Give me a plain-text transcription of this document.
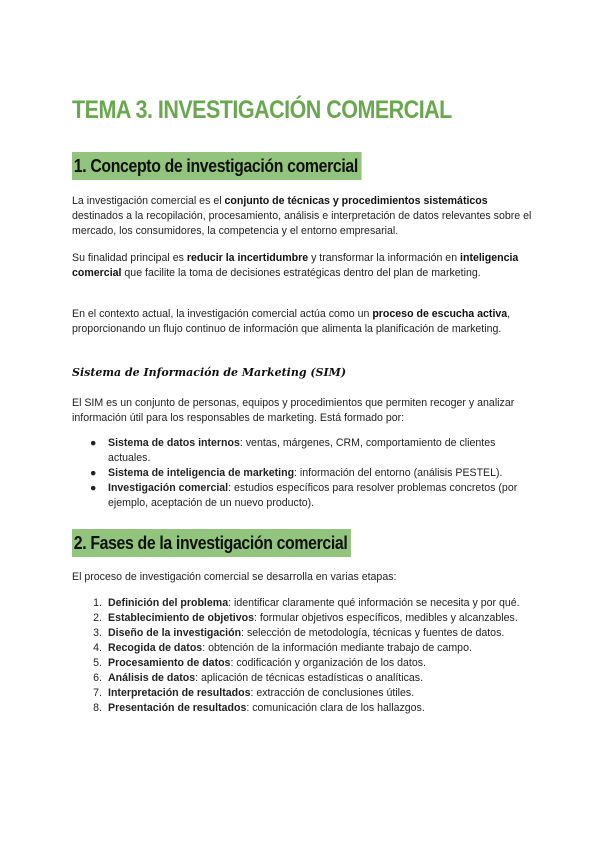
TEMA 3. INVESTIGACIÓN COMERCIAL
1. Concepto de investigación comercial

La investigación comercial es el conjunto de técnicas y procedimientos sistemáticos destinados a la recopilación, procesamiento, análisis e interpretación de datos relevantes sobre el mercado, los consumidores, la competencia y el entorno empresarial.

Su finalidad principal es reducir la incertidumbre y transformar la información en inteligencia comercial que facilite la toma de decisiones estratégicas dentro del plan de marketing.

En el contexto actual, la investigación comercial actúa como un proceso de escucha activa, proporcionando un flujo continuo de información que alimenta la planificación de marketing.

Sistema de Información de Marketing (SIM)

El SIM es un conjunto de personas, equipos y procedimientos que permiten recoger y analizar información útil para los responsables de marketing. Está formado por:

● Sistema de datos internos: ventas, márgenes, CRM, comportamiento de clientes actuales.
● Sistema de inteligencia de marketing: información del entorno (análisis PESTEL).
● Investigación comercial: estudios específicos para resolver problemas concretos (por ejemplo, aceptación de un nuevo producto).
2. Fases de la investigación comercial

El proceso de investigación comercial se desarrolla en varias etapas:

1. Definición del problema: identificar claramente qué información se necesita y por qué.
2. Establecimiento de objetivos: formular objetivos específicos, medibles y alcanzables.
3. Diseño de la investigación: selección de metodología, técnicas y fuentes de datos.
4. Recogida de datos: obtención de la información mediante trabajo de campo.
5. Procesamiento de datos: codificación y organización de los datos.
6. Análisis de datos: aplicación de técnicas estadísticas o analíticas.
7. Interpretación de resultados: extracción de conclusiones útiles.
8. Presentación de resultados: comunicación clara de los hallazgos.
